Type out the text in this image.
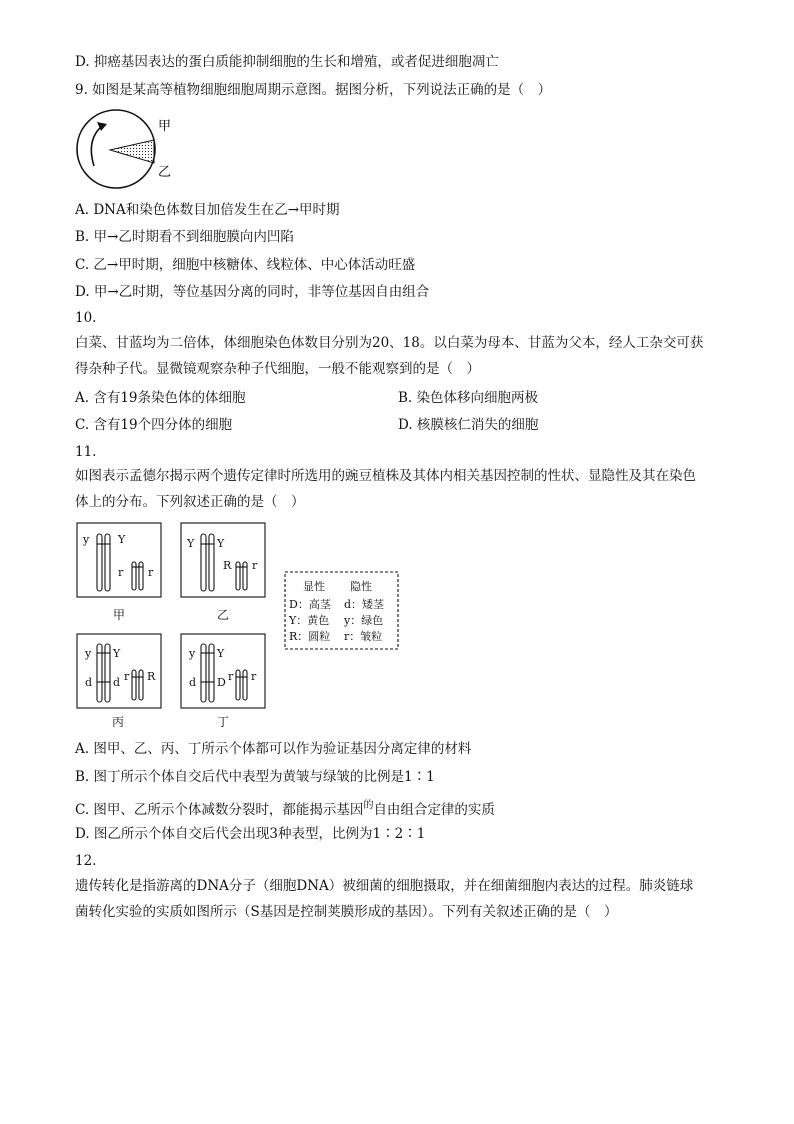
D. 抑癌基因表达的蛋白质能抑制细胞的生长和增殖，或者促进细胞凋亡
9. 如图是某高等植物细胞细胞周期示意图。据图分析，下列说法正确的是（　）
甲
乙
A. DNA和染色体数目加倍发生在乙→甲时期
B. 甲→乙时期看不到细胞膜向内凹陷
C. 乙→甲时期，细胞中核糖体、线粒体、中心体活动旺盛
D. 甲→乙时期，等位基因分离的同时，非等位基因自由组合
10.
白菜、甘蓝均为二倍体，体细胞染色体数目分别为20、18。以白菜为母本、甘蓝为父本，经人工杂交可获
得杂种子代。显微镜观察杂种子代细胞，一般不能观察到的是（　）
A. 含有19条染色体的体细胞	B. 染色体移向细胞两极
C. 含有19个四分体的细胞	D. 核膜核仁消失的细胞
11.
如图表示孟德尔揭示两个遗传定律时所选用的豌豆植株及其体内相关基因控制的性状、显隐性及其在染色
体上的分布。下列叙述正确的是（　）
y	Y
r r
甲
Y Y
R r
乙
y Y
d d r R
丙
y Y
d D r r
丁
显性 隐性
D：高茎 d：矮茎
Y：黄色 y：绿色
R：圆粒 r：皱粒
A. 图甲、乙、丙、丁所示个体都可以作为验证基因分离定律的材料
B. 图丁所示个体自交后代中表型为黄皱与绿皱的比例是1∶1
C. 图甲、乙所示个体减数分裂时，都能揭示基因$^的$自由组合定律的实质
D. 图乙所示个体自交后代会出现3种表型，比例为1∶2∶1
12.
遗传转化是指游离的DNA分子（细胞DNA）被细菌的细胞摄取，并在细菌细胞内表达的过程。肺炎链球
菌转化实验的实质如图所示（S基因是控制荚膜形成的基因）。下列有关叙述正确的是（　）
